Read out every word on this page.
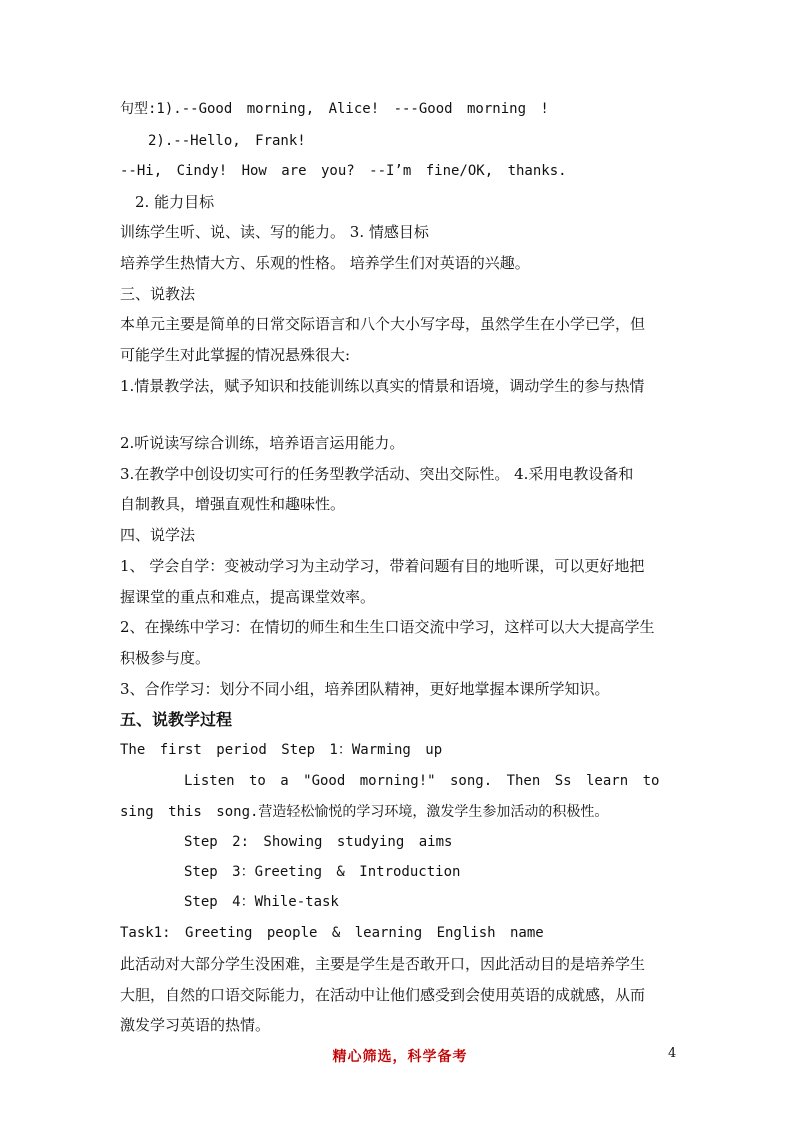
句型:1).--Good morning, Alice! ---Good morning !
2).--Hello, Frank!
--Hi, Cindy! How are you? --I’m fine/OK, thanks.
2. 能力目标
训练学生听、说、读、写的能力。 3. 情感目标
培养学生热情大方、乐观的性格。 培养学生们对英语的兴趣。
三、说教法
本单元主要是简单的日常交际语言和八个大小写字母，虽然学生在小学已学，但
可能学生对此掌握的情况悬殊很大:
1.情景教学法，赋予知识和技能训练以真实的情景和语境，调动学生的参与热情
2.听说读写综合训练，培养语言运用能力。
3.在教学中创设切实可行的任务型教学活动、突出交际性。 4.采用电教设备和
自制教具，增强直观性和趣味性。
四、说学法
1、 学会自学：变被动学习为主动学习，带着问题有目的地听课，可以更好地把
握课堂的重点和难点，提高课堂效率。
2、在操练中学习：在情切的师生和生生口语交流中学习，这样可以大大提高学生
积极参与度。
3、合作学习：划分不同小组，培养团队精神，更好地掌握本课所学知识。
五、说教学过程
The first period Step 1：Warming up
Listen to a "Good morning!" song. Then Ss learn to
sing this song.营造轻松愉悦的学习环境，激发学生参加活动的积极性。
Step 2: Showing studying aims
Step 3：Greeting & Introduction
Step 4：While-task
Task1: Greeting people & learning English name
此活动对大部分学生没困难，主要是学生是否敢开口，因此活动目的是培养学生
大胆，自然的口语交际能力，在活动中让他们感受到会使用英语的成就感，从而
激发学习英语的热情。
精心筛选，科学备考	4
